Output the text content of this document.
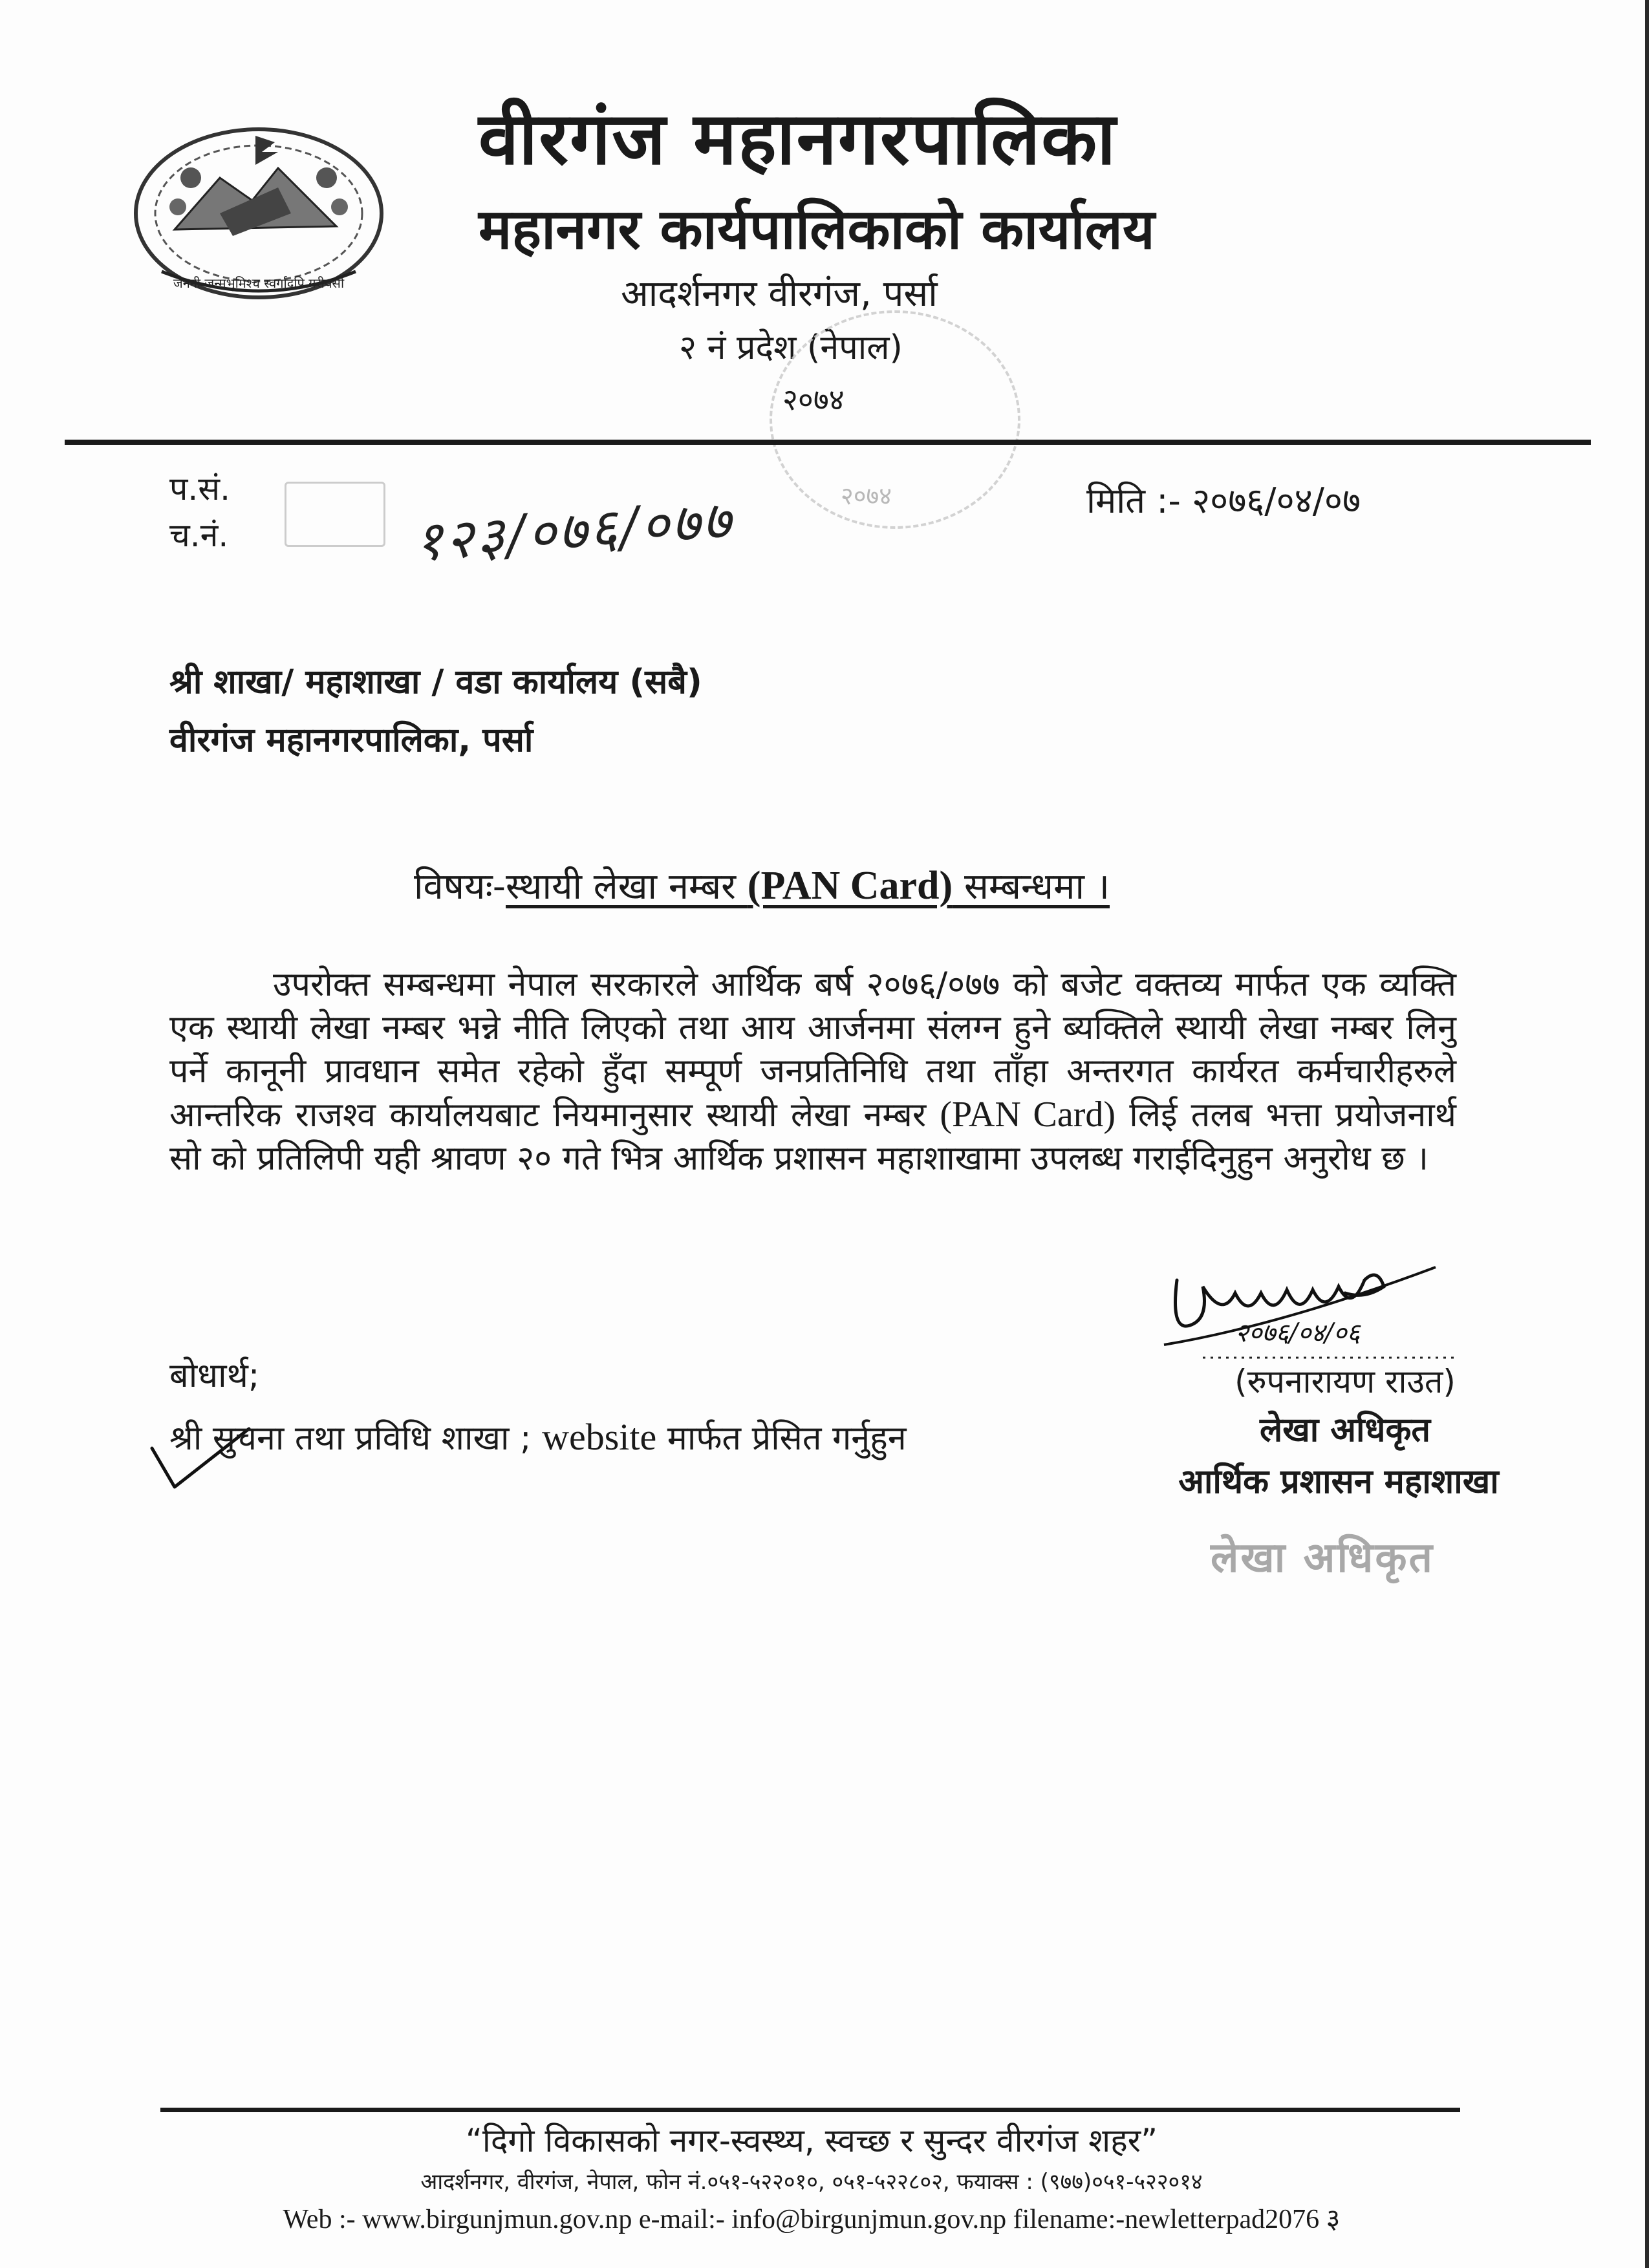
जननी जन्मभूमिश्च स्वर्गादपि गरीयसी
वीरगंज महानगरपालिका
महानगर कार्यपालिकाको कार्यालय
आदर्शनगर वीरगंज, पर्सा
२ नं प्रदेश (नेपाल)
२०७४
२०७४
प.सं.
च.नं.	१२३/०७६/०७७	मिति :- २०७६/०४/०७
श्री शाखा/ महाशाखा / वडा कार्यालय (सबै)
वीरगंज महानगरपालिका, पर्सा
विषयः-स्थायी लेखा नम्बर (PAN Card) सम्बन्धमा ।
उपरोक्त सम्बन्धमा नेपाल सरकारले आर्थिक बर्ष २०७६/०७७ को बजेट वक्तव्य मार्फत एक व्यक्ति एक स्थायी लेखा नम्बर भन्ने नीति लिएको तथा आय आर्जनमा संलग्न हुने ब्यक्तिले स्थायी लेखा नम्बर लिनु पर्ने कानूनी प्रावधान समेत रहेको हुँदा सम्पूर्ण जनप्रतिनिधि तथा ताँहा अन्तरगत कार्यरत कर्मचारीहरुले आन्तरिक राजश्व कार्यालयबाट नियमानुसार स्थायी लेखा नम्बर (PAN Card) लिई तलब भत्ता प्रयोजनार्थ सो को प्रतिलिपी यही श्रावण २० गते भित्र आर्थिक प्रशासन महाशाखामा उपलब्ध गराईदिनुहुन अनुरोध छ ।
२०७६/०४/०६
(रुपनारायण राउत)
लेखा अधिकृत
आर्थिक प्रशासन महाशाखा
लेखा अधिकृत
बोधार्थ;
श्री सुचना तथा प्रविधि शाखा ; website मार्फत प्रेसित गर्नुहुन
“दिगो विकासको नगर-स्वस्थ्य, स्वच्छ र सुन्दर वीरगंज शहर”
आदर्शनगर, वीरगंज, नेपाल, फोन नं.०५१-५२२०१०, ०५१-५२२८०२, फयाक्स : (९७७)०५१-५२२०१४
Web :- www.birgunjmun.gov.np e-mail:- info@birgunjmun.gov.np filename:-newletterpad2076 ३
